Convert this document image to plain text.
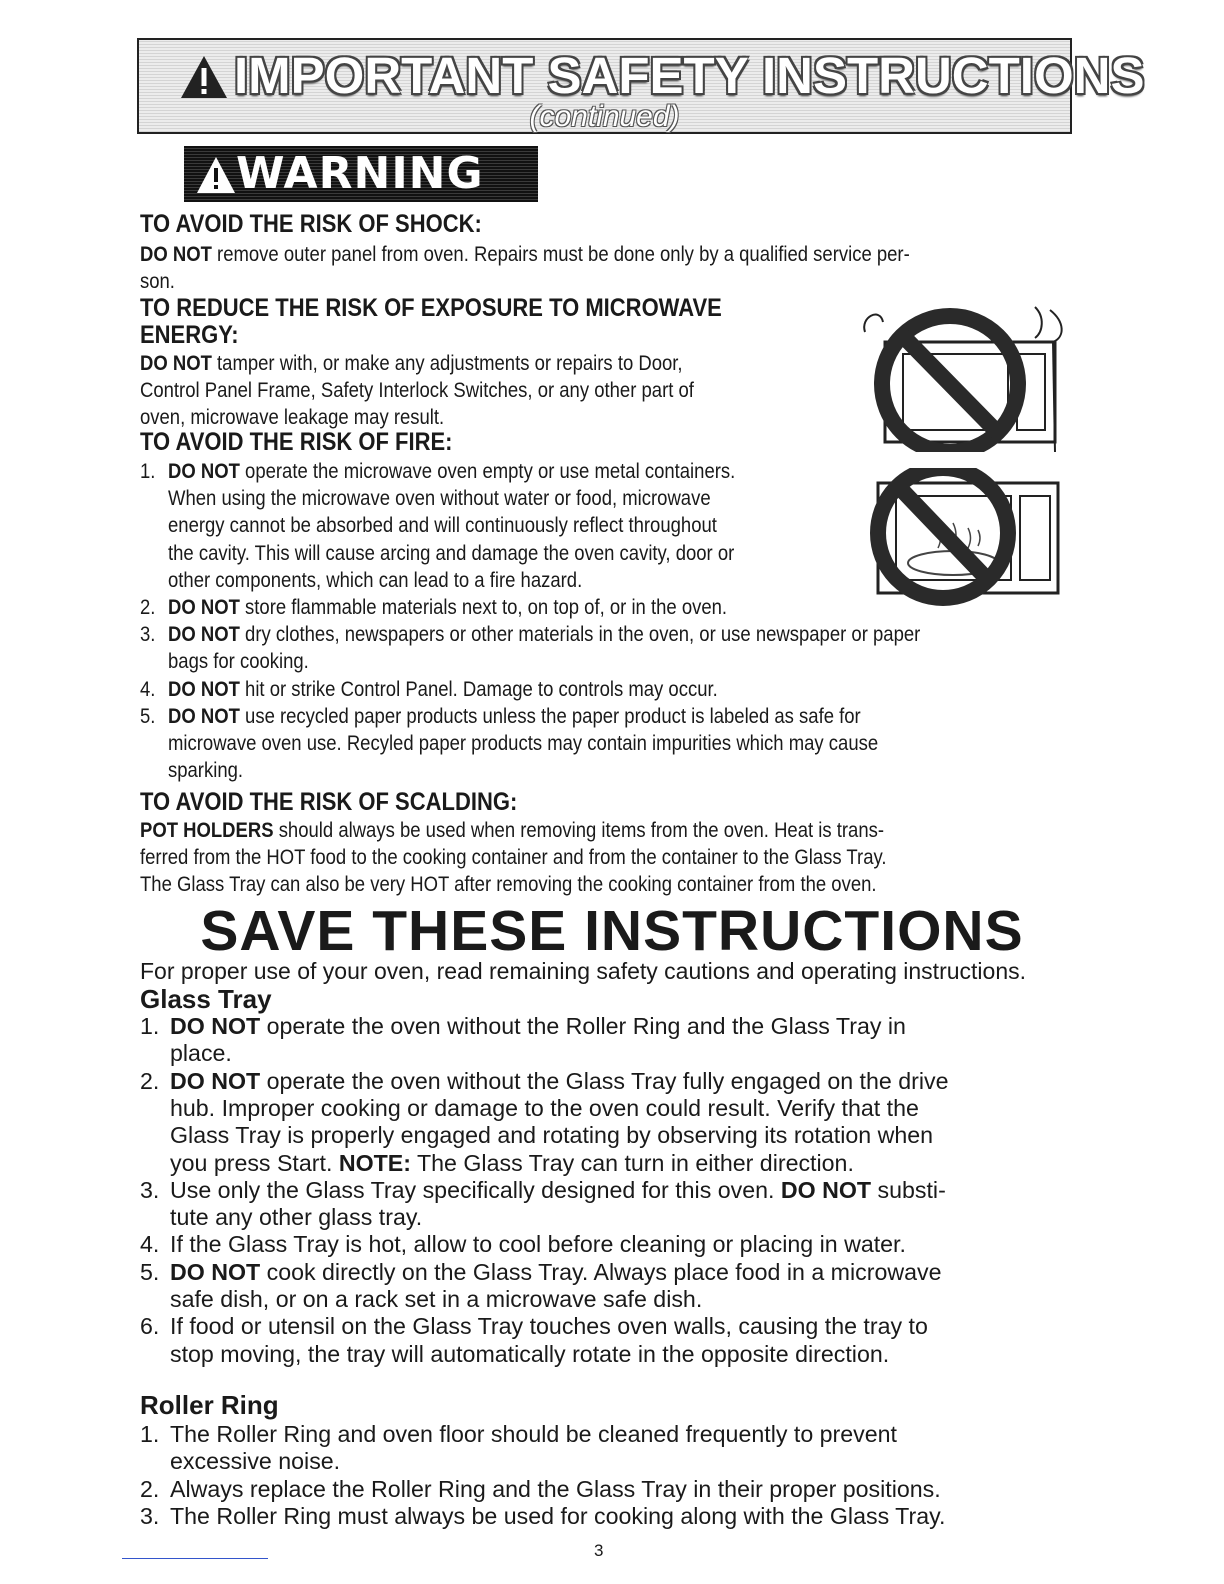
IMPORTANT SAFETY INSTRUCTIONS
(continued)
WARNING
TO AVOID THE RISK OF SHOCK:
DO NOT remove outer panel from oven. Repairs must be done only by a qualified service per-
son.
TO REDUCE THE RISK OF EXPOSURE TO MICROWAVE
ENERGY:
DO NOT tamper with, or make any adjustments or repairs to Door,
Control Panel Frame, Safety Interlock Switches, or any other part of
oven, microwave leakage may result.
TO AVOID THE RISK OF FIRE:
1. DO NOT operate the microwave oven empty or use metal containers.
When using the microwave oven without water or food, microwave
energy cannot be absorbed and will continuously reflect throughout
the cavity. This will cause arcing and damage the oven cavity, door or
other components, which can lead to a fire hazard.
2. DO NOT store flammable materials next to, on top of, or in the oven.
3. DO NOT dry clothes, newspapers or other materials in the oven, or use newspaper or paper
bags for cooking.
4. DO NOT hit or strike Control Panel. Damage to controls may occur.
5. DO NOT use recycled paper products unless the paper product is labeled as safe for
microwave oven use. Recyled paper products may contain impurities which may cause
sparking.
TO AVOID THE RISK OF SCALDING:
POT HOLDERS should always be used when removing items from the oven. Heat is trans-
ferred from the HOT food to the cooking container and from the container to the Glass Tray.
The Glass Tray can also be very HOT after removing the cooking container from the oven.
SAVE THESE INSTRUCTIONS
For proper use of your oven, read remaining safety cautions and operating instructions.
Glass Tray
1. DO NOT operate the oven without the Roller Ring and the Glass Tray in
place.
2. DO NOT operate the oven without the Glass Tray fully engaged on the drive
hub. Improper cooking or damage to the oven could result. Verify that the
Glass Tray is properly engaged and rotating by observing its rotation when
you press Start. NOTE: The Glass Tray can turn in either direction.
3. Use only the Glass Tray specifically designed for this oven. DO NOT substi-
tute any other glass tray.
4. If the Glass Tray is hot, allow to cool before cleaning or placing in water.
5. DO NOT cook directly on the Glass Tray. Always place food in a microwave
safe dish, or on a rack set in a microwave safe dish.
6. If food or utensil on the Glass Tray touches oven walls, causing the tray to
stop moving, the tray will automatically rotate in the opposite direction.
Roller Ring
1. The Roller Ring and oven floor should be cleaned frequently to prevent
excessive noise.
2. Always replace the Roller Ring and the Glass Tray in their proper positions.
3. The Roller Ring must always be used for cooking along with the Glass Tray.
3
